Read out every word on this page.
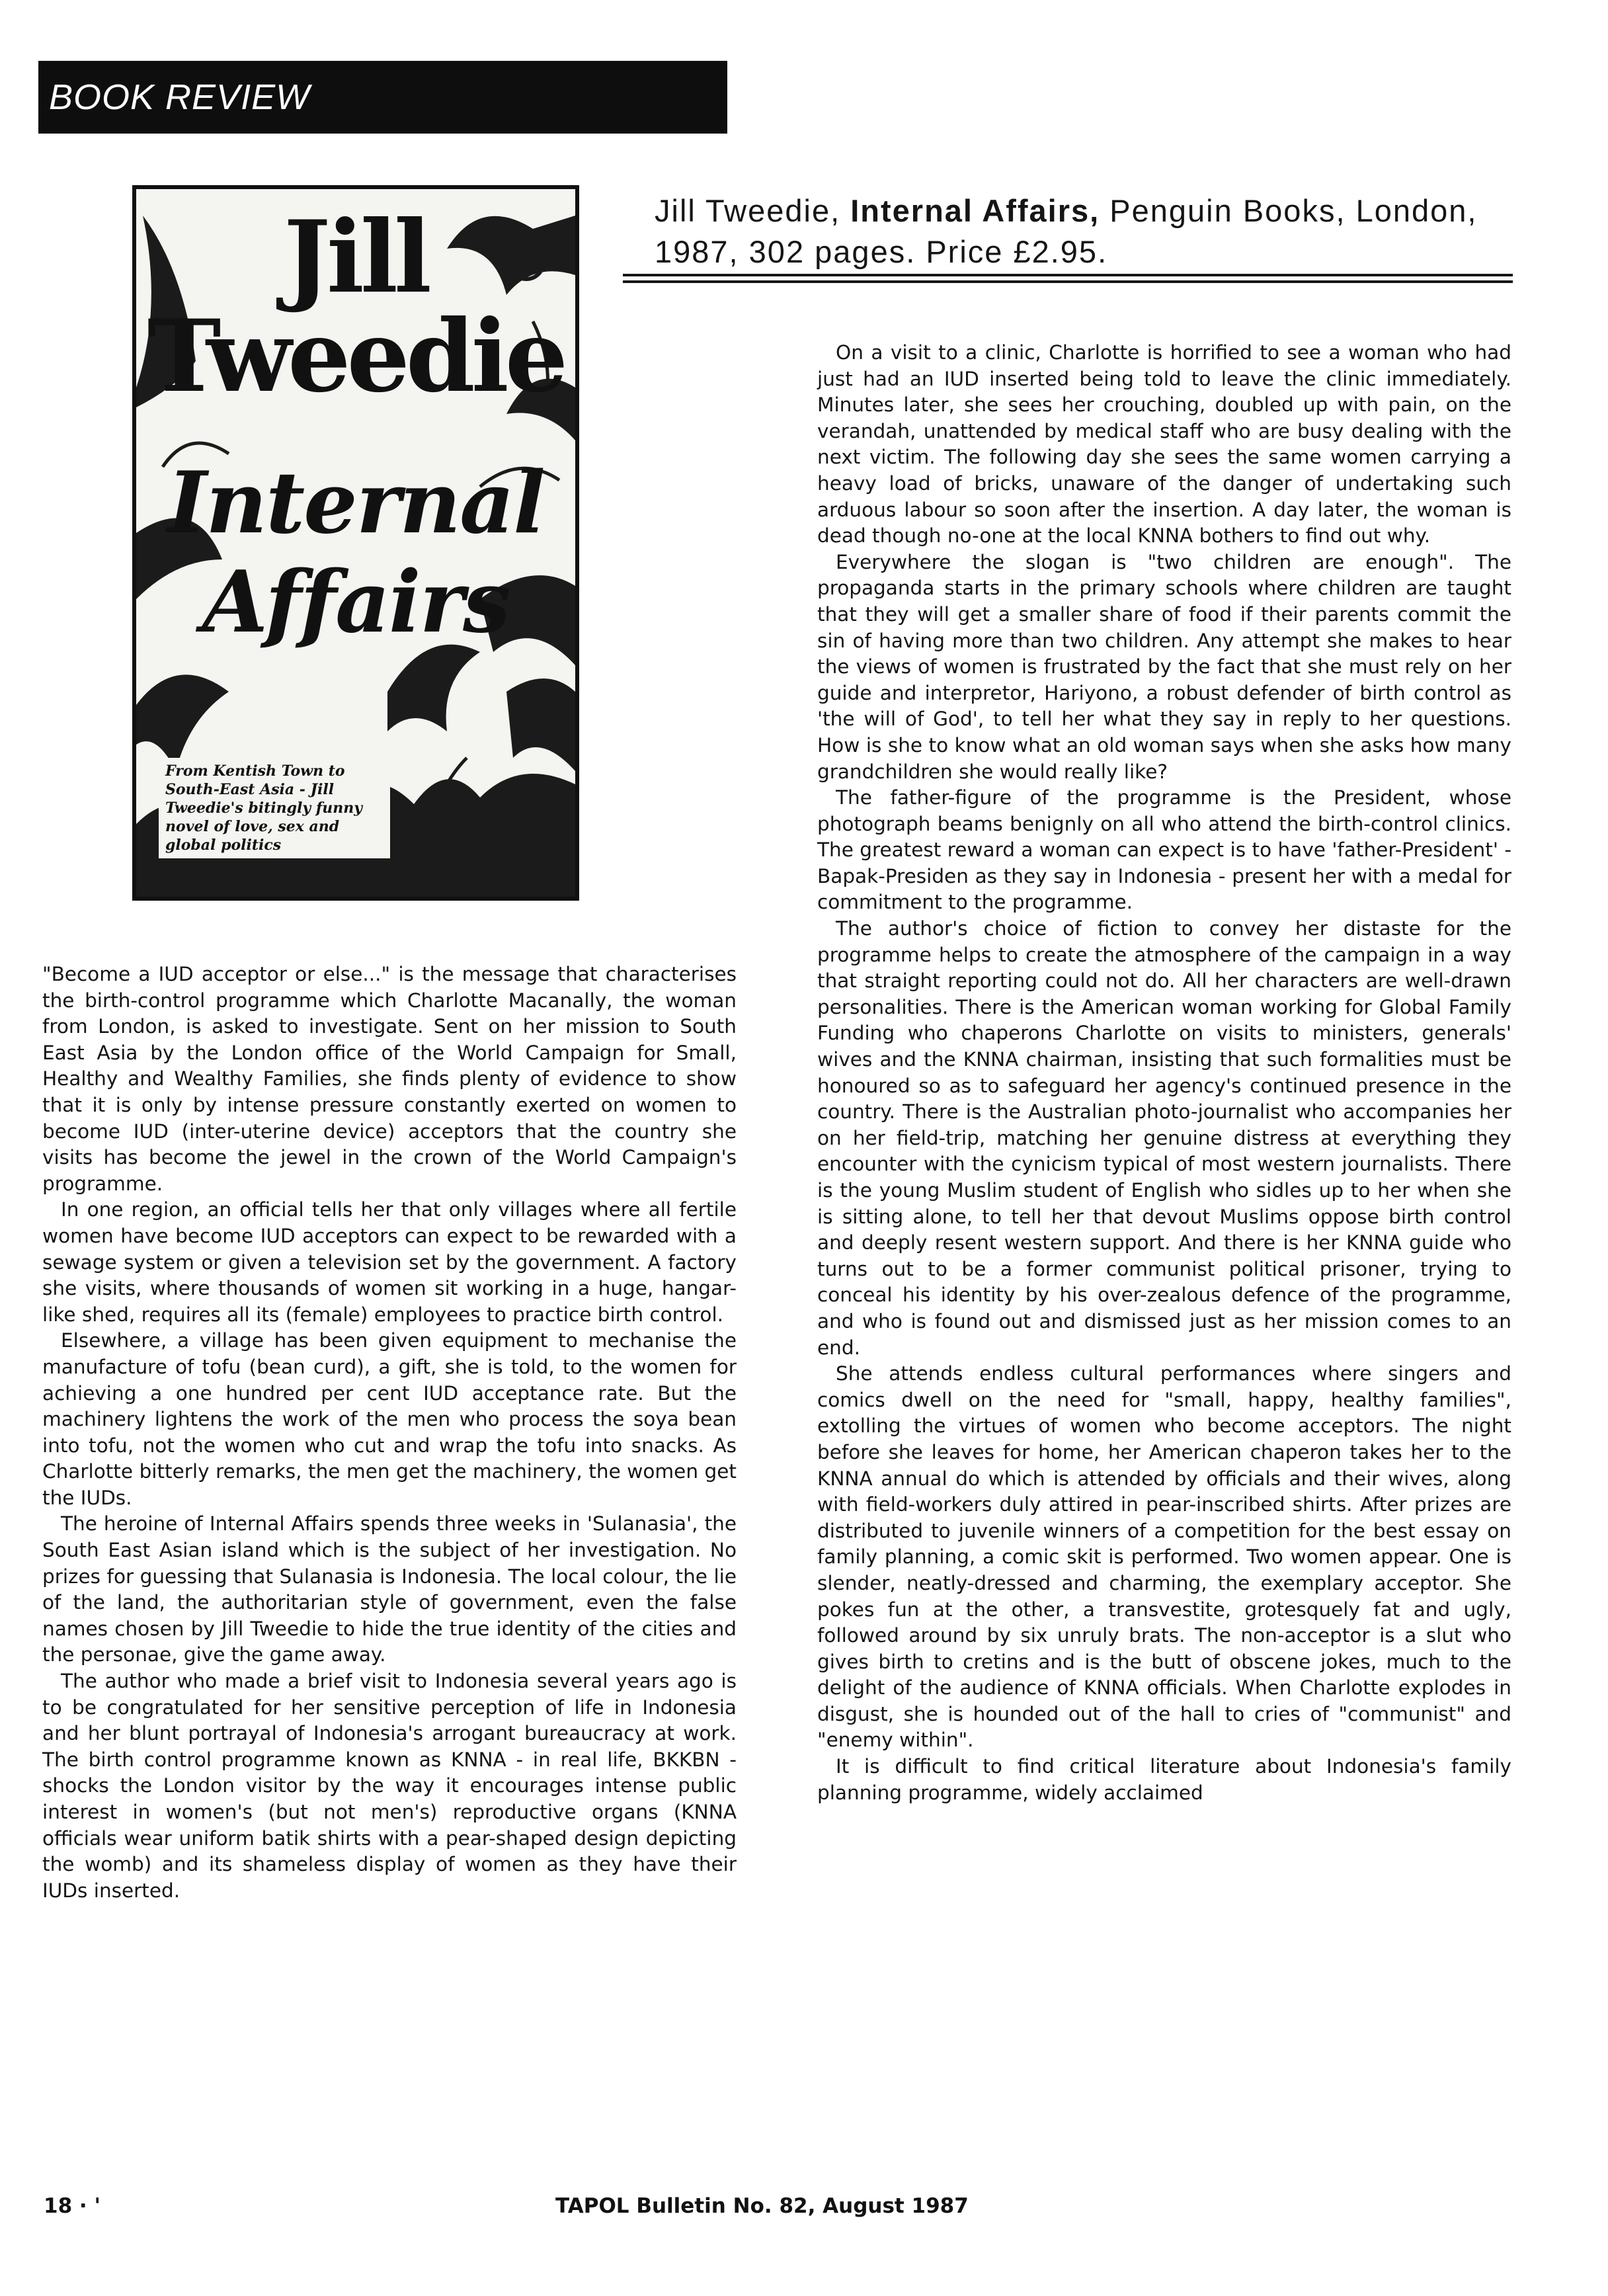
BOOK REVIEW
Jill Tweedie
Internal Affairs
From Kentish Town to South-East Asia - Jill Tweedie's bitingly funny novel of love, sex and global politics
Jill Tweedie, Internal Affairs, Penguin Books, London, 1987, 302 pages. Price £2.95.

"Become a IUD acceptor or else..." is the message that characterises the birth-control programme which Charlotte Macanally, the woman from London, is asked to investigate. Sent on her mission to South East Asia by the London office of the World Campaign for Small, Healthy and Wealthy Families, she finds plenty of evidence to show that it is only by intense pressure constantly exerted on women to become IUD (inter-uterine device) acceptors that the country she visits has become the jewel in the crown of the World Campaign's programme.

In one region, an official tells her that only villages where all fertile women have become IUD acceptors can expect to be rewarded with a sewage system or given a television set by the government. A factory she visits, where thousands of women sit working in a huge, hangar-like shed, requires all its (female) employees to practice birth control.

Elsewhere, a village has been given equipment to mechanise the manufacture of tofu (bean curd), a gift, she is told, to the women for achieving a one hundred per cent IUD acceptance rate. But the machinery lightens the work of the men who process the soya bean into tofu, not the women who cut and wrap the tofu into snacks. As Charlotte bitterly remarks, the men get the machinery, the women get the IUDs.

The heroine of Internal Affairs spends three weeks in 'Sulanasia', the South East Asian island which is the subject of her investigation. No prizes for guessing that Sulanasia is Indonesia. The local colour, the lie of the land, the authoritarian style of government, even the false names chosen by Jill Tweedie to hide the true identity of the cities and the personae, give the game away.

The author who made a brief visit to Indonesia several years ago is to be congratulated for her sensitive perception of life in Indonesia and her blunt portrayal of Indonesia's arrogant bureaucracy at work. The birth control programme known as KNNA - in real life, BKKBN - shocks the London visitor by the way it encourages intense public interest in women's (but not men's) reproductive organs (KNNA officials wear uniform batik shirts with a pear-shaped design depicting the womb) and its shameless display of women as they have their IUDs inserted.

On a visit to a clinic, Charlotte is horrified to see a woman who had just had an IUD inserted being told to leave the clinic immediately. Minutes later, she sees her crouching, doubled up with pain, on the verandah, unattended by medical staff who are busy dealing with the next victim. The following day she sees the same women carrying a heavy load of bricks, unaware of the danger of undertaking such arduous labour so soon after the insertion. A day later, the woman is dead though no-one at the local KNNA bothers to find out why.

Everywhere the slogan is "two children are enough". The propaganda starts in the primary schools where children are taught that they will get a smaller share of food if their parents commit the sin of having more than two children. Any attempt she makes to hear the views of women is frustrated by the fact that she must rely on her guide and interpretor, Hariyono, a robust defender of birth control as 'the will of God', to tell her what they say in reply to her questions. How is she to know what an old woman says when she asks how many grandchildren she would really like?

The father-figure of the programme is the President, whose photograph beams benignly on all who attend the birth-control clinics. The greatest reward a woman can expect is to have 'father-President' - Bapak-Presiden as they say in Indonesia - present her with a medal for commitment to the programme.

The author's choice of fiction to convey her distaste for the programme helps to create the atmosphere of the campaign in a way that straight reporting could not do. All her characters are well-drawn personalities. There is the American woman working for Global Family Funding who chaperons Charlotte on visits to ministers, generals' wives and the KNNA chairman, insisting that such formalities must be honoured so as to safeguard her agency's continued presence in the country. There is the Australian photo-journalist who accompanies her on her field-trip, matching her genuine distress at everything they encounter with the cynicism typical of most western journalists. There is the young Muslim student of English who sidles up to her when she is sitting alone, to tell her that devout Muslims oppose birth control and deeply resent western support. And there is her KNNA guide who turns out to be a former communist political prisoner, trying to conceal his identity by his over-zealous defence of the programme, and who is found out and dismissed just as her mission comes to an end.

She attends endless cultural performances where singers and comics dwell on the need for "small, happy, healthy families", extolling the virtues of women who become acceptors. The night before she leaves for home, her American chaperon takes her to the KNNA annual do which is attended by officials and their wives, along with field-workers duly attired in pear-inscribed shirts. After prizes are distributed to juvenile winners of a competition for the best essay on family planning, a comic skit is performed. Two women appear. One is slender, neatly-dressed and charming, the exemplary acceptor. She pokes fun at the other, a transvestite, grotesquely fat and ugly, followed around by six unruly brats. The non-acceptor is a slut who gives birth to cretins and is the butt of obscene jokes, much to the delight of the audience of KNNA officials. When Charlotte explodes in disgust, she is hounded out of the hall to cries of "communist" and "enemy within".

It is difficult to find critical literature about Indonesia's family planning programme, widely acclaimed

18 · '	TAPOL Bulletin No. 82, August 1987
